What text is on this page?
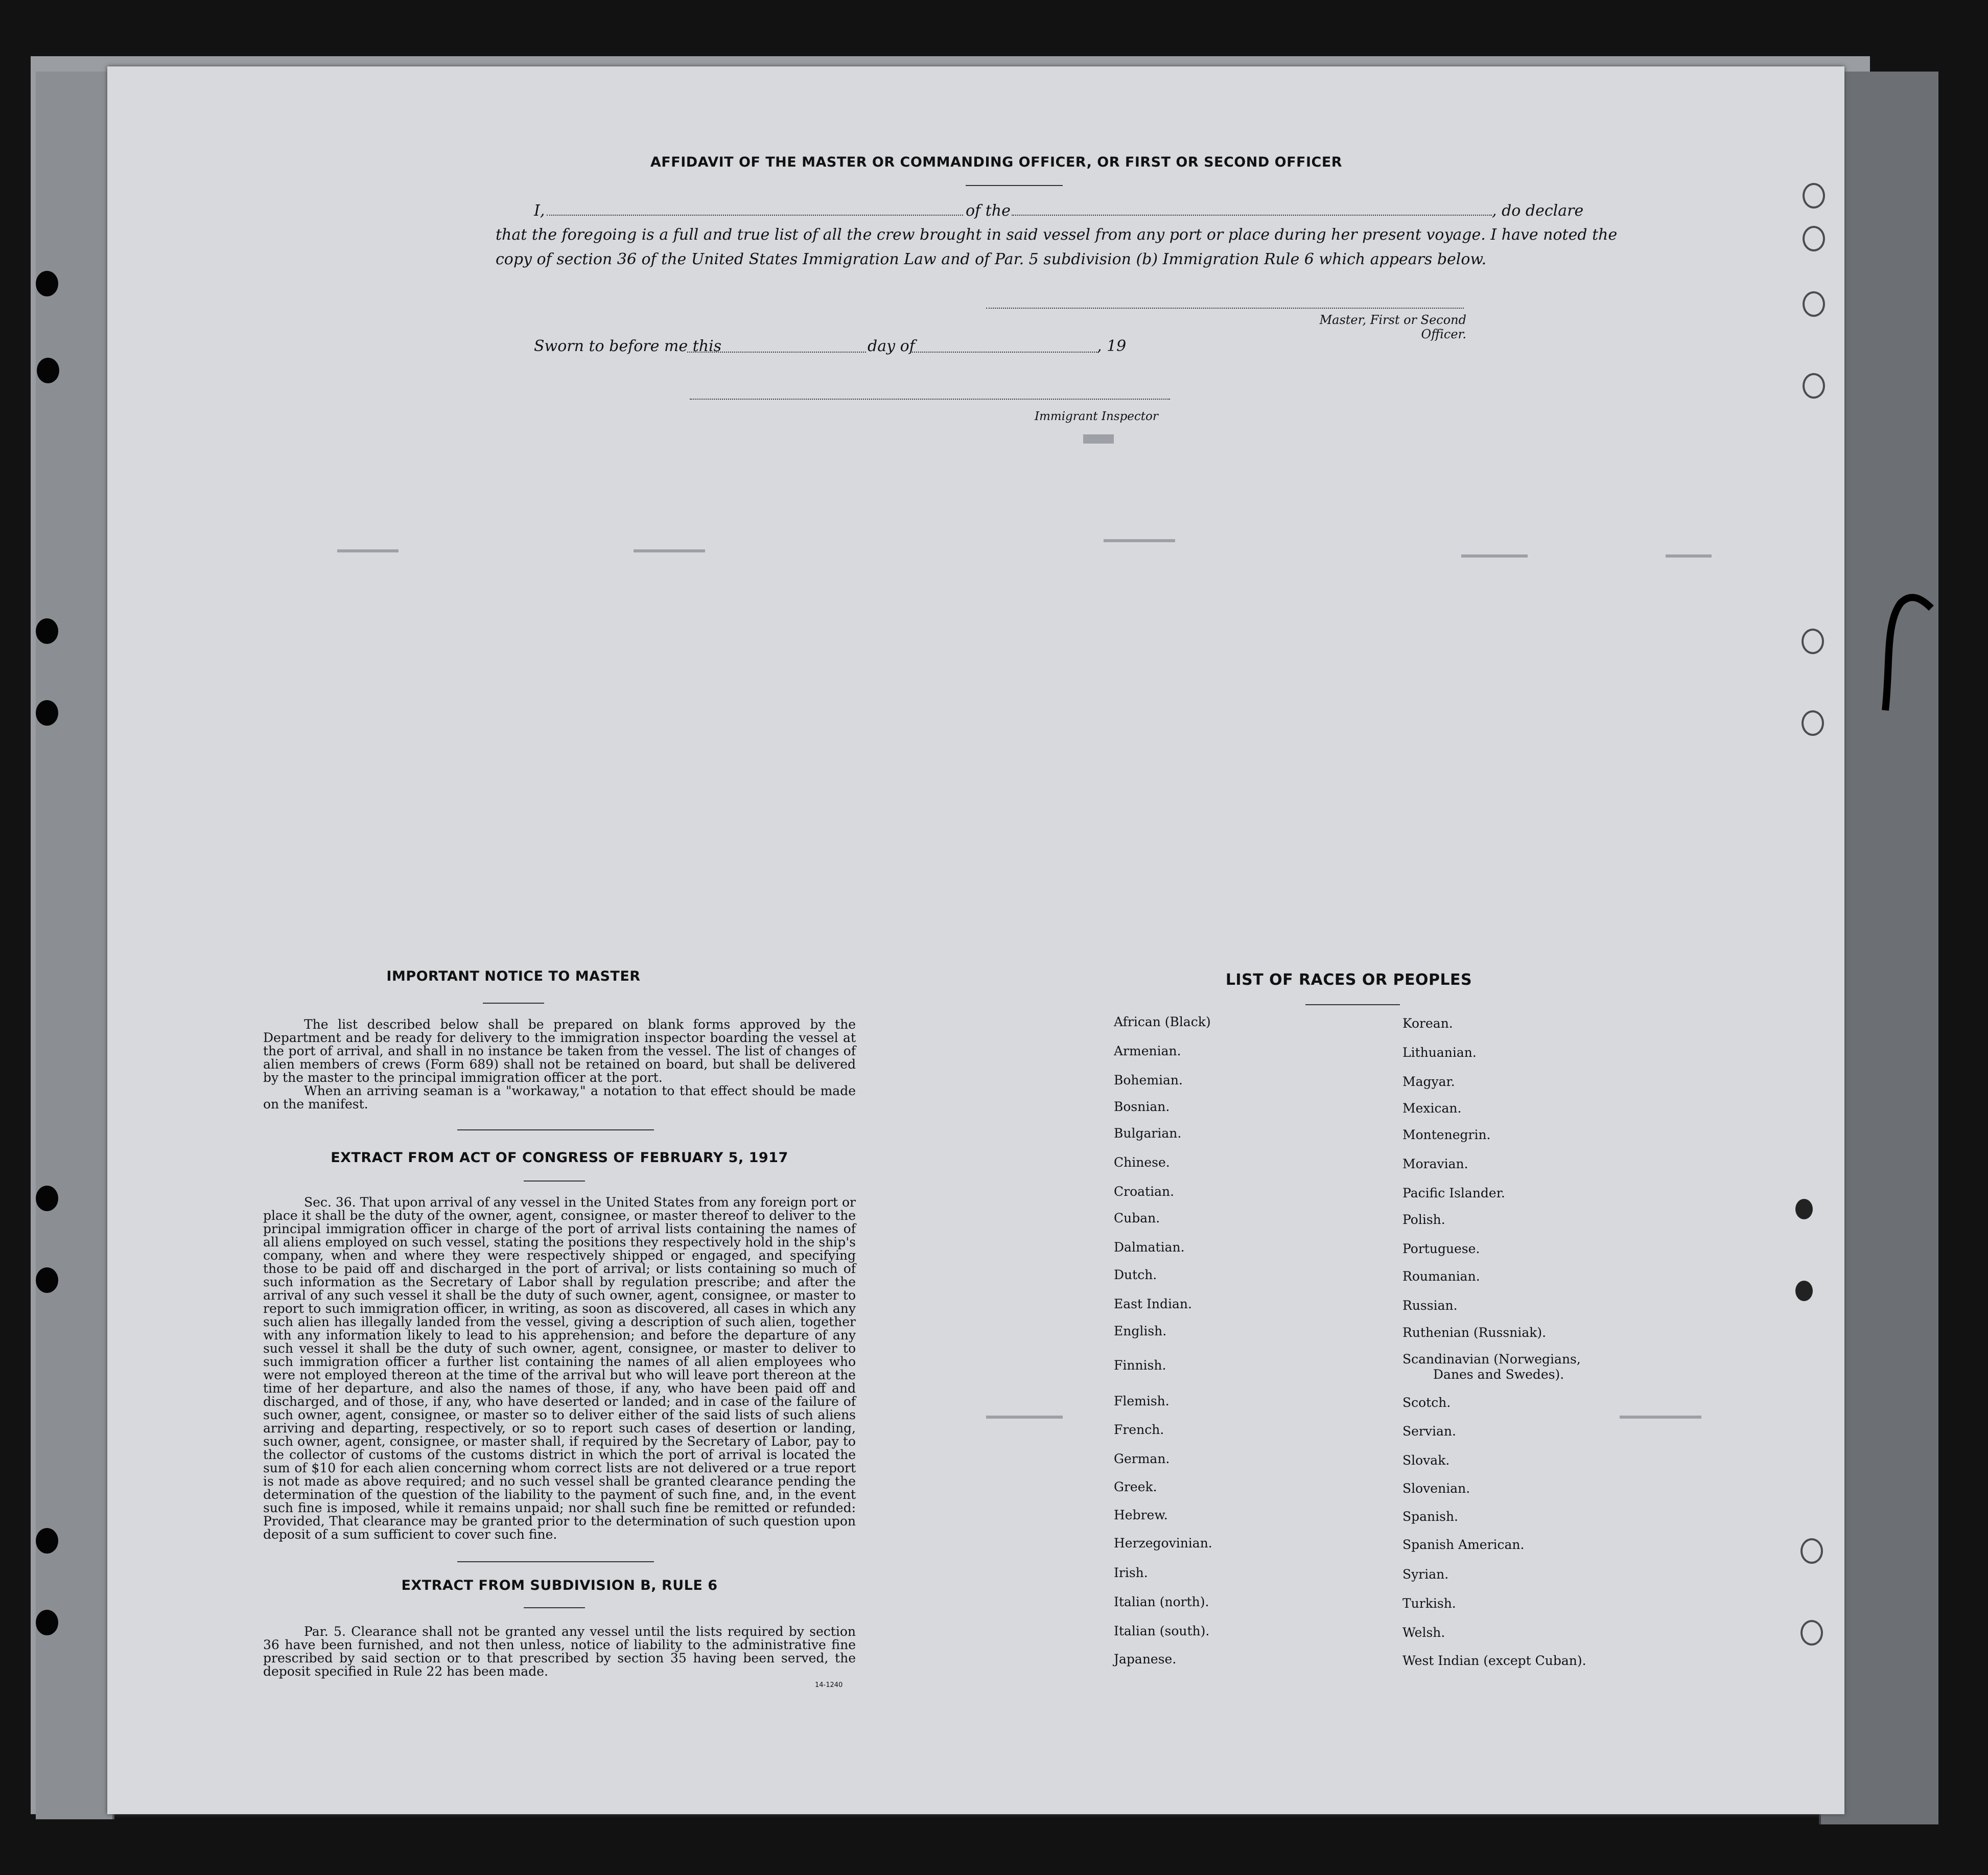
AFFIDAVIT OF THE MASTER OR COMMANDING OFFICER, OR FIRST OR SECOND OFFICER
I,	of the	, do declare
that the foregoing is a full and true list of all the crew brought in said vessel from any port or place during her present voyage. I have noted the
copy of section 36 of the United States Immigration Law and of Par. 5 subdivision (b) Immigration Rule 6 which appears below.
Master, First or Second Officer.
Sworn to before me this	day of	, 19
Immigrant Inspector
IMPORTANT NOTICE TO MASTER
The list described below shall be prepared on blank forms approved by the Department and be ready for delivery to the immigration inspector boarding the vessel at the port of arrival, and shall in no instance be taken from the vessel. The list of changes of alien members of crews (Form 689) shall not be retained on board, but shall be delivered by the master to the principal immigration officer at the port.
When an arriving seaman is a "workaway," a notation to that effect should be made on the manifest.
EXTRACT FROM ACT OF CONGRESS OF FEBRUARY 5, 1917
Sec. 36. That upon arrival of any vessel in the United States from any foreign port or place it shall be the duty of the owner, agent, consignee, or master thereof to deliver to the principal immigration officer in charge of the port of arrival lists containing the names of all aliens employed on such vessel, stating the positions they respectively hold in the ship's company, when and where they were respectively shipped or engaged, and specifying those to be paid off and discharged in the port of arrival; or lists containing so much of such information as the Secretary of Labor shall by regulation prescribe; and after the arrival of any such vessel it shall be the duty of such owner, agent, consignee, or master to report to such immigration officer, in writing, as soon as discovered, all cases in which any such alien has illegally landed from the vessel, giving a description of such alien, together with any information likely to lead to his apprehension; and before the departure of any such vessel it shall be the duty of such owner, agent, consignee, or master to deliver to such immigration officer a further list containing the names of all alien employees who were not employed thereon at the time of the arrival but who will leave port thereon at the time of her departure, and also the names of those, if any, who have been paid off and discharged, and of those, if any, who have deserted or landed; and in case of the failure of such owner, agent, consignee, or master so to deliver either of the said lists of such aliens arriving and departing, respectively, or so to report such cases of desertion or landing, such owner, agent, consignee, or master shall, if required by the Secretary of Labor, pay to the collector of customs of the customs district in which the port of arrival is located the sum of $10 for each alien concerning whom correct lists are not delivered or a true report is not made as above required; and no such vessel shall be granted clearance pending the determination of the question of the liability to the payment of such fine, and, in the event such fine is imposed, while it remains unpaid; nor shall such fine be remitted or refunded: Provided, That clearance may be granted prior to the determination of such question upon deposit of a sum sufficient to cover such fine.
EXTRACT FROM SUBDIVISION B, RULE 6
Par. 5. Clearance shall not be granted any vessel until the lists required by section 36 have been furnished, and not then unless, notice of liability to the administrative fine prescribed by said section or to that prescribed by section 35 having been served, the deposit specified in Rule 22 has been made.
14-1240
LIST OF RACES OR PEOPLES
African (Black)
Armenian.
Bohemian.
Bosnian.
Bulgarian.
Chinese.
Croatian.
Cuban.
Dalmatian.
Dutch.
East Indian.
English.
Finnish.
Flemish.
French.
German.
Greek.
Hebrew.
Herzegovinian.
Irish.
Italian (north).
Italian (south).
Japanese.
Korean.
Lithuanian.
Magyar.
Mexican.
Montenegrin.
Moravian.
Pacific Islander.
Polish.
Portuguese.
Roumanian.
Russian.
Ruthenian (Russniak).
Scandinavian (Norwegians,
Danes and Swedes).
Scotch.
Servian.
Slovak.
Slovenian.
Spanish.
Spanish American.
Syrian.
Turkish.
Welsh.
West Indian (except Cuban).
